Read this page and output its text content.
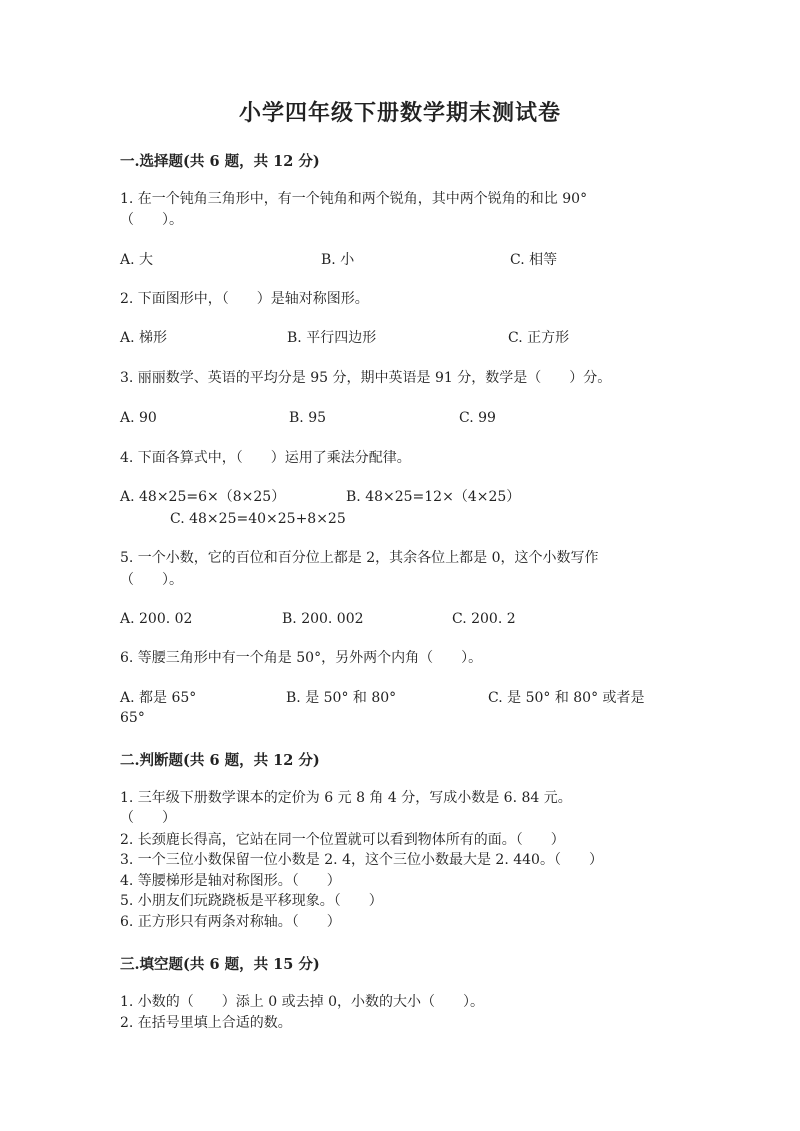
小学四年级下册数学期末测试卷
一.选择题(共 6 题，共 12 分)
1. 在一个钝角三角形中，有一个钝角和两个锐角，其中两个锐角的和比 90°
（　　）。
A. 大	B. 小	C. 相等
2. 下面图形中，（　　）是轴对称图形。
A. 梯形	B. 平行四边形	C. 正方形
3. 丽丽数学、英语的平均分是 95 分，期中英语是 91 分，数学是（　　）分。
A. 90	B. 95	C. 99
4. 下面各算式中，（　　）运用了乘法分配律。
A. 48×25=6×（8×25）	B. 48×25=12×（4×25）
C. 48×25=40×25+8×25
5. 一个小数，它的百位和百分位上都是 2，其余各位上都是 0，这个小数写作
（　　）。
A. 200. 02	B. 200. 002	C. 200. 2
6. 等腰三角形中有一个角是 50°，另外两个内角（　　）。
A. 都是 65°	B. 是 50° 和 80°	C. 是 50° 和 80° 或者是
65°
二.判断题(共 6 题，共 12 分)
1. 三年级下册数学课本的定价为 6 元 8 角 4 分，写成小数是 6. 84 元。
（　　）
2. 长颈鹿长得高，它站在同一个位置就可以看到物体所有的面。（　　）
3. 一个三位小数保留一位小数是 2. 4，这个三位小数最大是 2. 440。（　　）
4. 等腰梯形是轴对称图形。（　　）
5. 小朋友们玩跷跷板是平移现象。（　　）
6. 正方形只有两条对称轴。（　　）
三.填空题(共 6 题，共 15 分)
1. 小数的（　　）添上 0 或去掉 0，小数的大小（　　）。
2. 在括号里填上合适的数。
